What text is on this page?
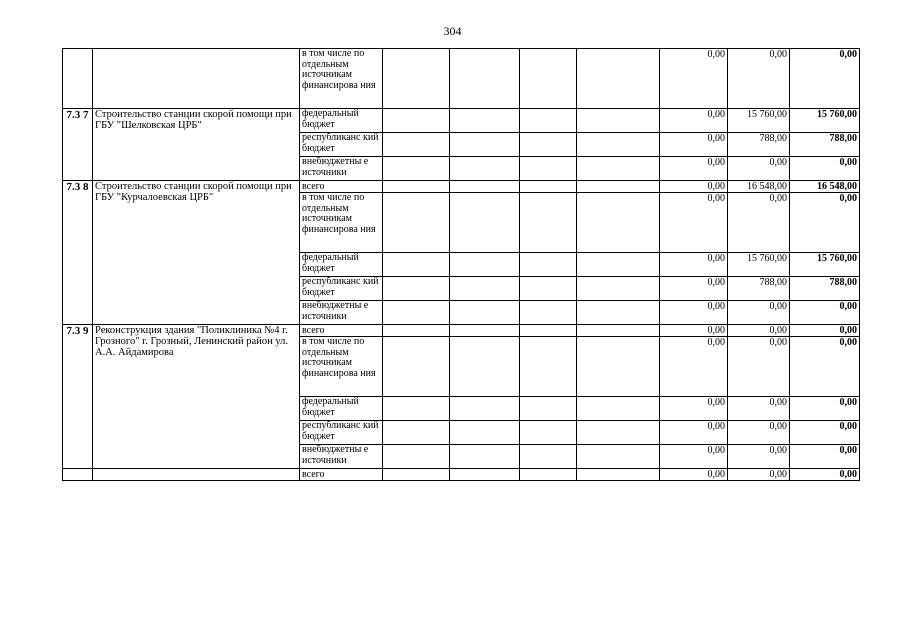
304
		в том числе по отдельным источникам финансирова ния					0,00	0,00	0,00
7.3 7	Строительство станции скорой помощи при ГБУ "Шелковская ЦРБ"	федеральный бюджет					0,00	15 760,00	15 760,00
		республиканс кий бюджет					0,00	788,00	788,00
		внебюджетны е источники					0,00	0,00	0,00
7.3 8	Строительство станции скорой помощи при ГБУ "Курчалоевская ЦРБ"	всего					0,00	16 548,00	16 548,00
		в том числе по отдельным источникам финансирова ния					0,00	0,00	0,00
		федеральный бюджет					0,00	15 760,00	15 760,00
		республиканс кий бюджет					0,00	788,00	788,00
		внебюджетны е источники					0,00	0,00	0,00
7.3 9	Реконструкция здания "Поликлиника №4 г. Грозного" г. Грозный, Ленинский район ул. А.А. Айдамирова	всего					0,00	0,00	0,00
		в том числе по отдельным источникам финансирова ния					0,00	0,00	0,00
		федеральный бюджет					0,00	0,00	0,00
		республиканс кий бюджет					0,00	0,00	0,00
		внебюджетны е источники					0,00	0,00	0,00
		всего					0,00	0,00	0,00
